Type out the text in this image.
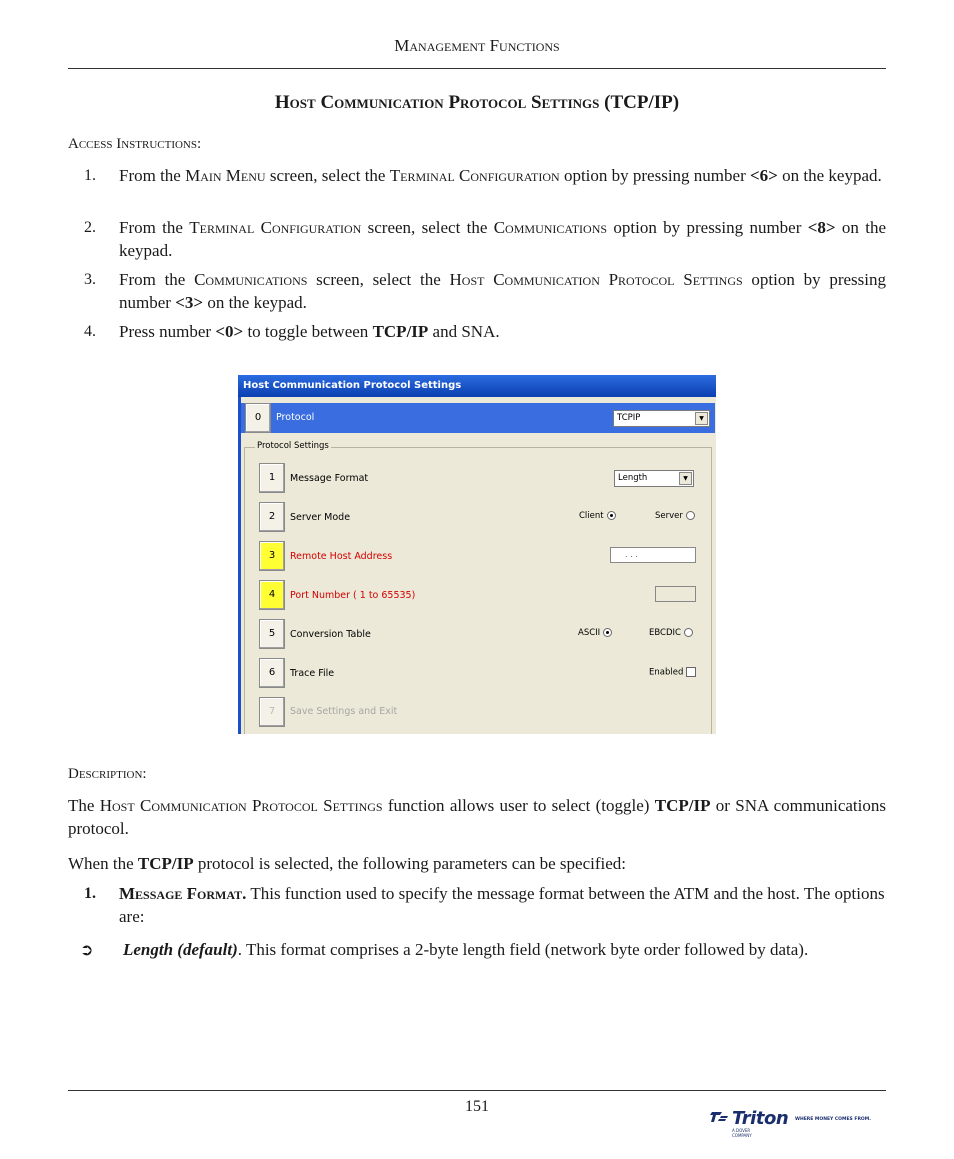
Management Functions
Host Communication Protocol Settings (TCP/IP)
Access Instructions:
1. From the Main Menu screen, select the Terminal Configuration option by pressing number <6> on the keypad.
2. From the Terminal Configuration screen, select the Communications option by pressing number <8> on the keypad.
3. From the Communications screen, select the Host Communication Protocol Settings option by pressing number <3> on the keypad.
4. Press number <0> to toggle between TCP/IP and SNA.
Host Communication Protocol Settings
0	Protocol	TCPIP	▼
Protocol Settings
1	Message Format	Length	▼
2	Server Mode	Client	Server
3	Remote Host Address	. . .
4	Port Number ( 1 to 65535)
5	Conversion Table	ASCII	EBCDIC
6	Trace File	Enabled
7	Save Settings and Exit
Description:

The Host Communication Protocol Settings function allows user to select (toggle) TCP/IP or SNA communications protocol.

When the TCP/IP protocol is selected, the following parameters can be specified:

1. Message Format. This function used to specify the message format between the ATM and the host. The options are:
➲ Length (default). This format comprises a 2-byte length field (network byte order followed by data).
151
Triton WHERE MONEY COMES FROM.
A DOVER COMPANY
